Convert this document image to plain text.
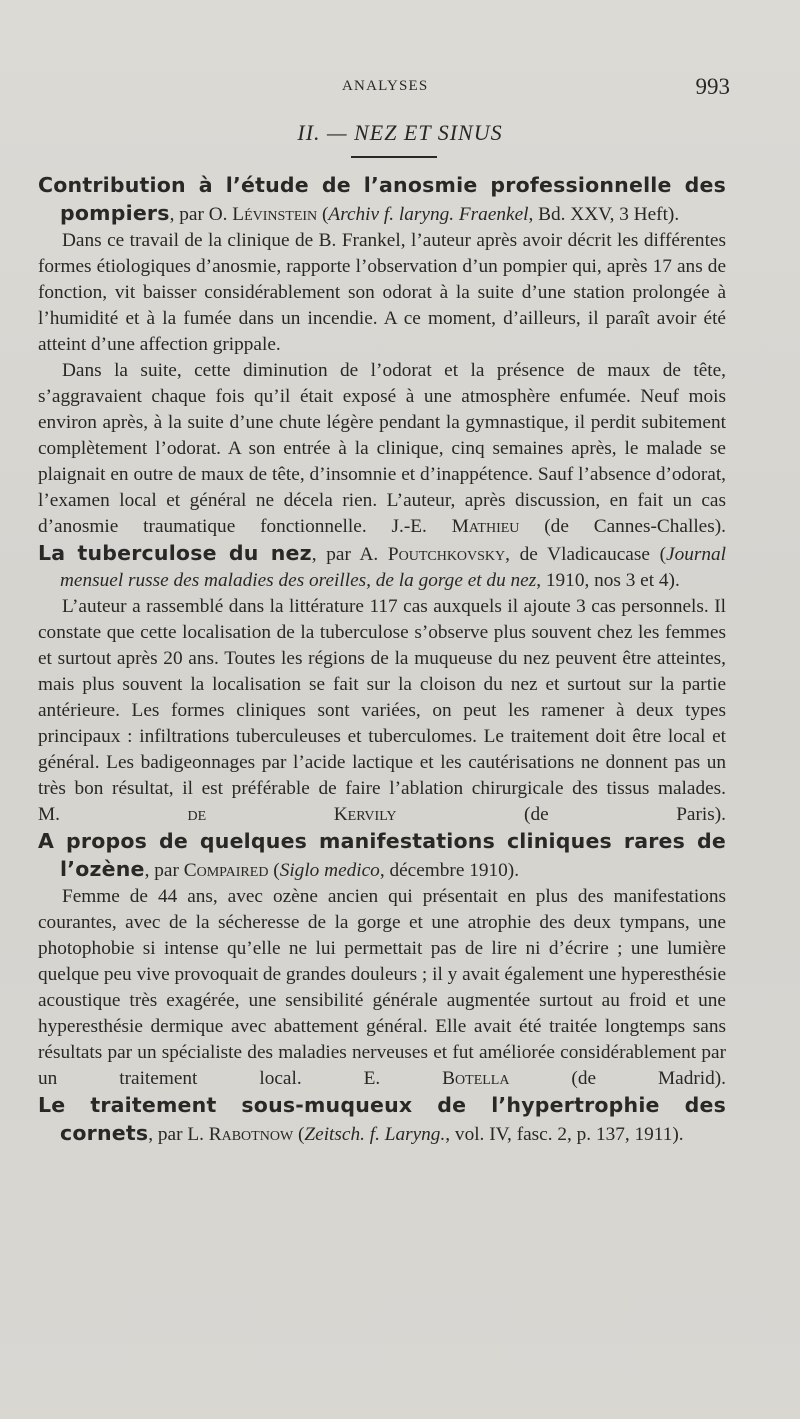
ANALYSES	993
II. — NEZ ET SINUS

Contribution à l’étude de l’anosmie professionnelle des pompiers, par O. Lévinstein (Archiv f. laryng. Fraenkel, Bd. XXV, 3 Heft).

Dans ce travail de la clinique de B. Frankel, l’auteur après avoir décrit les différentes formes étiologiques d’anosmie, rapporte l’observation d’un pompier qui, après 17 ans de fonction, vit baisser considérablement son odorat à la suite d’une station prolongée à l’humidité et à la fumée dans un incendie. A ce moment, d’ailleurs, il paraît avoir été atteint d’une affection grippale.

Dans la suite, cette diminution de l’odorat et la présence de maux de tête, s’aggravaient chaque fois qu’il était exposé à une atmosphère enfumée. Neuf mois environ après, à la suite d’une chute légère pendant la gymnastique, il perdit subitement complètement l’odorat. A son entrée à la clinique, cinq semaines après, le malade se plaignait en outre de maux de tête, d’insomnie et d’inappétence. Sauf l’absence d’odorat, l’examen local et général ne décela rien. L’auteur, après discussion, en fait un cas d’anosmie traumatique fonctionnelle. J.-E. Mathieu (de Cannes-Challes).

La tuberculose du nez, par A. Poutchkovsky, de Vladicaucase (Journal mensuel russe des maladies des oreilles, de la gorge et du nez, 1910, nos 3 et 4).

L’auteur a rassemblé dans la littérature 117 cas auxquels il ajoute 3 cas personnels. Il constate que cette localisation de la tuberculose s’observe plus souvent chez les femmes et surtout après 20 ans. Toutes les régions de la muqueuse du nez peuvent être atteintes, mais plus souvent la localisation se fait sur la cloison du nez et surtout sur la partie antérieure. Les formes cliniques sont variées, on peut les ramener à deux types principaux : infiltrations tuberculeuses et tuberculomes. Le traitement doit être local et général. Les badigeonnages par l’acide lactique et les cautérisations ne donnent pas un très bon résultat, il est préférable de faire l’ablation chirurgicale des tissus malades. M. de Kervily (de Paris).

A propos de quelques manifestations cliniques rares de l’ozène, par Compaired (Siglo medico, décembre 1910).

Femme de 44 ans, avec ozène ancien qui présentait en plus des manifestations courantes, avec de la sécheresse de la gorge et une atrophie des deux tympans, une photophobie si intense qu’elle ne lui permettait pas de lire ni d’écrire ; une lumière quelque peu vive provoquait de grandes douleurs ; il y avait également une hyperesthésie acoustique très exagérée, une sensibilité générale augmentée surtout au froid et une hyperesthésie dermique avec abattement général. Elle avait été traitée longtemps sans résultats par un spécialiste des maladies nerveuses et fut améliorée considérablement par un traitement local.	E. Botella (de Madrid).

Le traitement sous-muqueux de l’hypertrophie des cornets, par L. Rabotnow (Zeitsch. f. Laryng., vol. IV, fasc. 2, p. 137, 1911).
